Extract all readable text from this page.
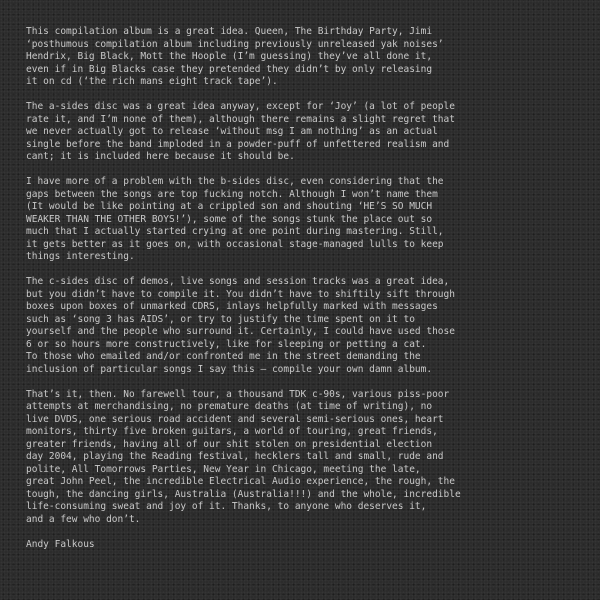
This compilation album is a great idea. Queen, The Birthday Party, Jimi
‘posthumous compilation album including previously unreleased yak noises’
Hendrix, Big Black, Mott the Hoople (I’m guessing) they’ve all done it,
even if in Big Blacks case they pretended they didn’t by only releasing
it on cd (‘the rich mans eight track tape’).

The a-sides disc was a great idea anyway, except for ‘Joy’ (a lot of people
rate it, and I’m none of them), although there remains a slight regret that
we never actually got to release ‘without msg I am nothing’ as an actual
single before the band imploded in a powder-puff of unfettered realism and
cant; it is included here because it should be.

I have more of a problem with the b-sides disc, even considering that the
gaps between the songs are top fucking notch. Although I won’t name them
(It would be like pointing at a crippled son and shouting ‘HE’S SO MUCH
WEAKER THAN THE OTHER BOYS!’), some of the songs stunk the place out so
much that I actually started crying at one point during mastering. Still,
it gets better as it goes on, with occasional stage-managed lulls to keep
things interesting.

The c-sides disc of demos, live songs and session tracks was a great idea,
but you didn’t have to compile it. You didn’t have to shiftily sift through
boxes upon boxes of unmarked CDRS, inlays helpfully marked with messages
such as ‘song 3 has AIDS’, or try to justify the time spent on it to
yourself and the people who surround it. Certainly, I could have used those
6 or so hours more constructively, like for sleeping or petting a cat.
To those who emailed and/or confronted me in the street demanding the
inclusion of particular songs I say this – compile your own damn album.

That’s it, then. No farewell tour, a thousand TDK c-90s, various piss-poor
attempts at merchandising, no premature deaths (at time of writing), no
live DVDS, one serious road accident and several semi-serious ones, heart
monitors, thirty five broken guitars, a world of touring, great friends,
greater friends, having all of our shit stolen on presidential election
day 2004, playing the Reading festival, hecklers tall and small, rude and
polite, All Tomorrows Parties, New Year in Chicago, meeting the late,
great John Peel, the incredible Electrical Audio experience, the rough, the
tough, the dancing girls, Australia (Australia!!!) and the whole, incredible
life-consuming sweat and joy of it. Thanks, to anyone who deserves it,
and a few who don’t.

Andy Falkous
